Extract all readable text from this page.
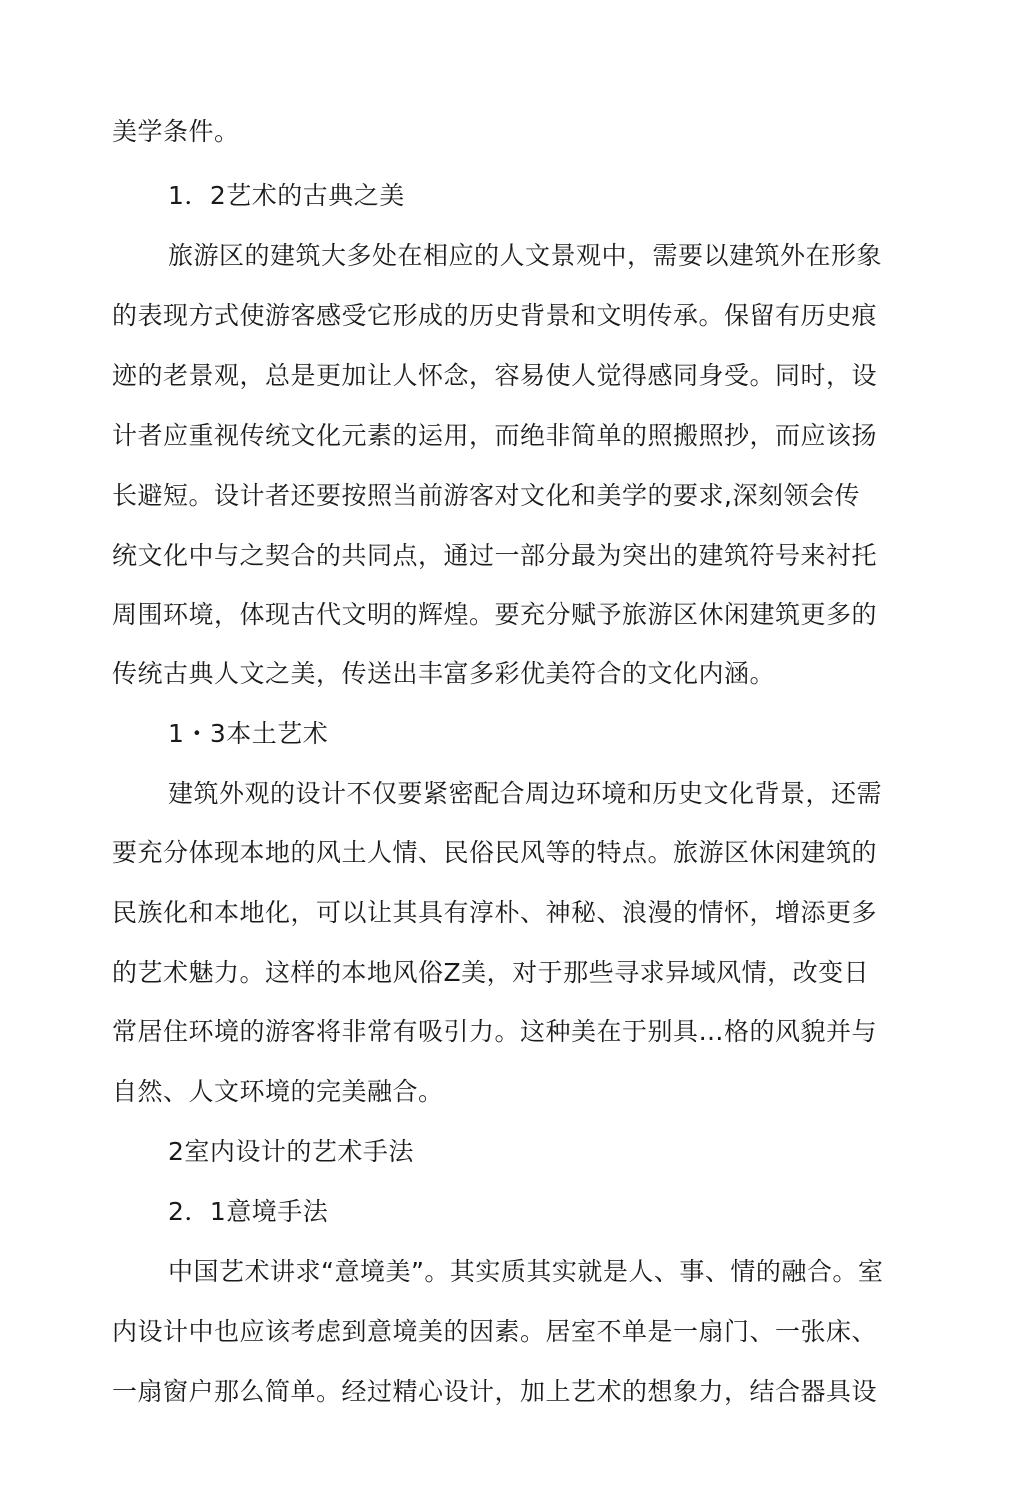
美学条件。
1．2艺术的古典之美
旅游区的建筑大多处在相应的人文景观中，需要以建筑外在形象
的表现方式使游客感受它形成的历史背景和文明传承。保留有历史痕
迹的老景观，总是更加让人怀念，容易使人觉得感同身受。同时，设
计者应重视传统文化元素的运用，而绝非简单的照搬照抄，而应该扬
长避短。设计者还要按照当前游客对文化和美学的要求,深刻领会传
统文化中与之契合的共同点，通过一部分最为突出的建筑符号来衬托
周围环境，体现古代文明的辉煌。要充分赋予旅游区休闲建筑更多的
传统古典人文之美，传送出丰富多彩优美符合的文化内涵。
1・3本土艺术
建筑外观的设计不仅要紧密配合周边环境和历史文化背景，还需
要充分体现本地的风土人情、民俗民风等的特点。旅游区休闲建筑的
民族化和本地化，可以让其具有淳朴、神秘、浪漫的情怀，增添更多
的艺术魅力。这样的本地风俗Z美，对于那些寻求异域风情，改变日
常居住环境的游客将非常有吸引力。这种美在于别具…格的风貌并与
自然、人文环境的完美融合。
2室内设计的艺术手法
2．1意境手法
中国艺术讲求“意境美”。其实质其实就是人、事、情的融合。室
内设计中也应该考虑到意境美的因素。居室不单是一扇门、一张床、
一扇窗户那么简单。经过精心设计，加上艺术的想象力，结合器具设
